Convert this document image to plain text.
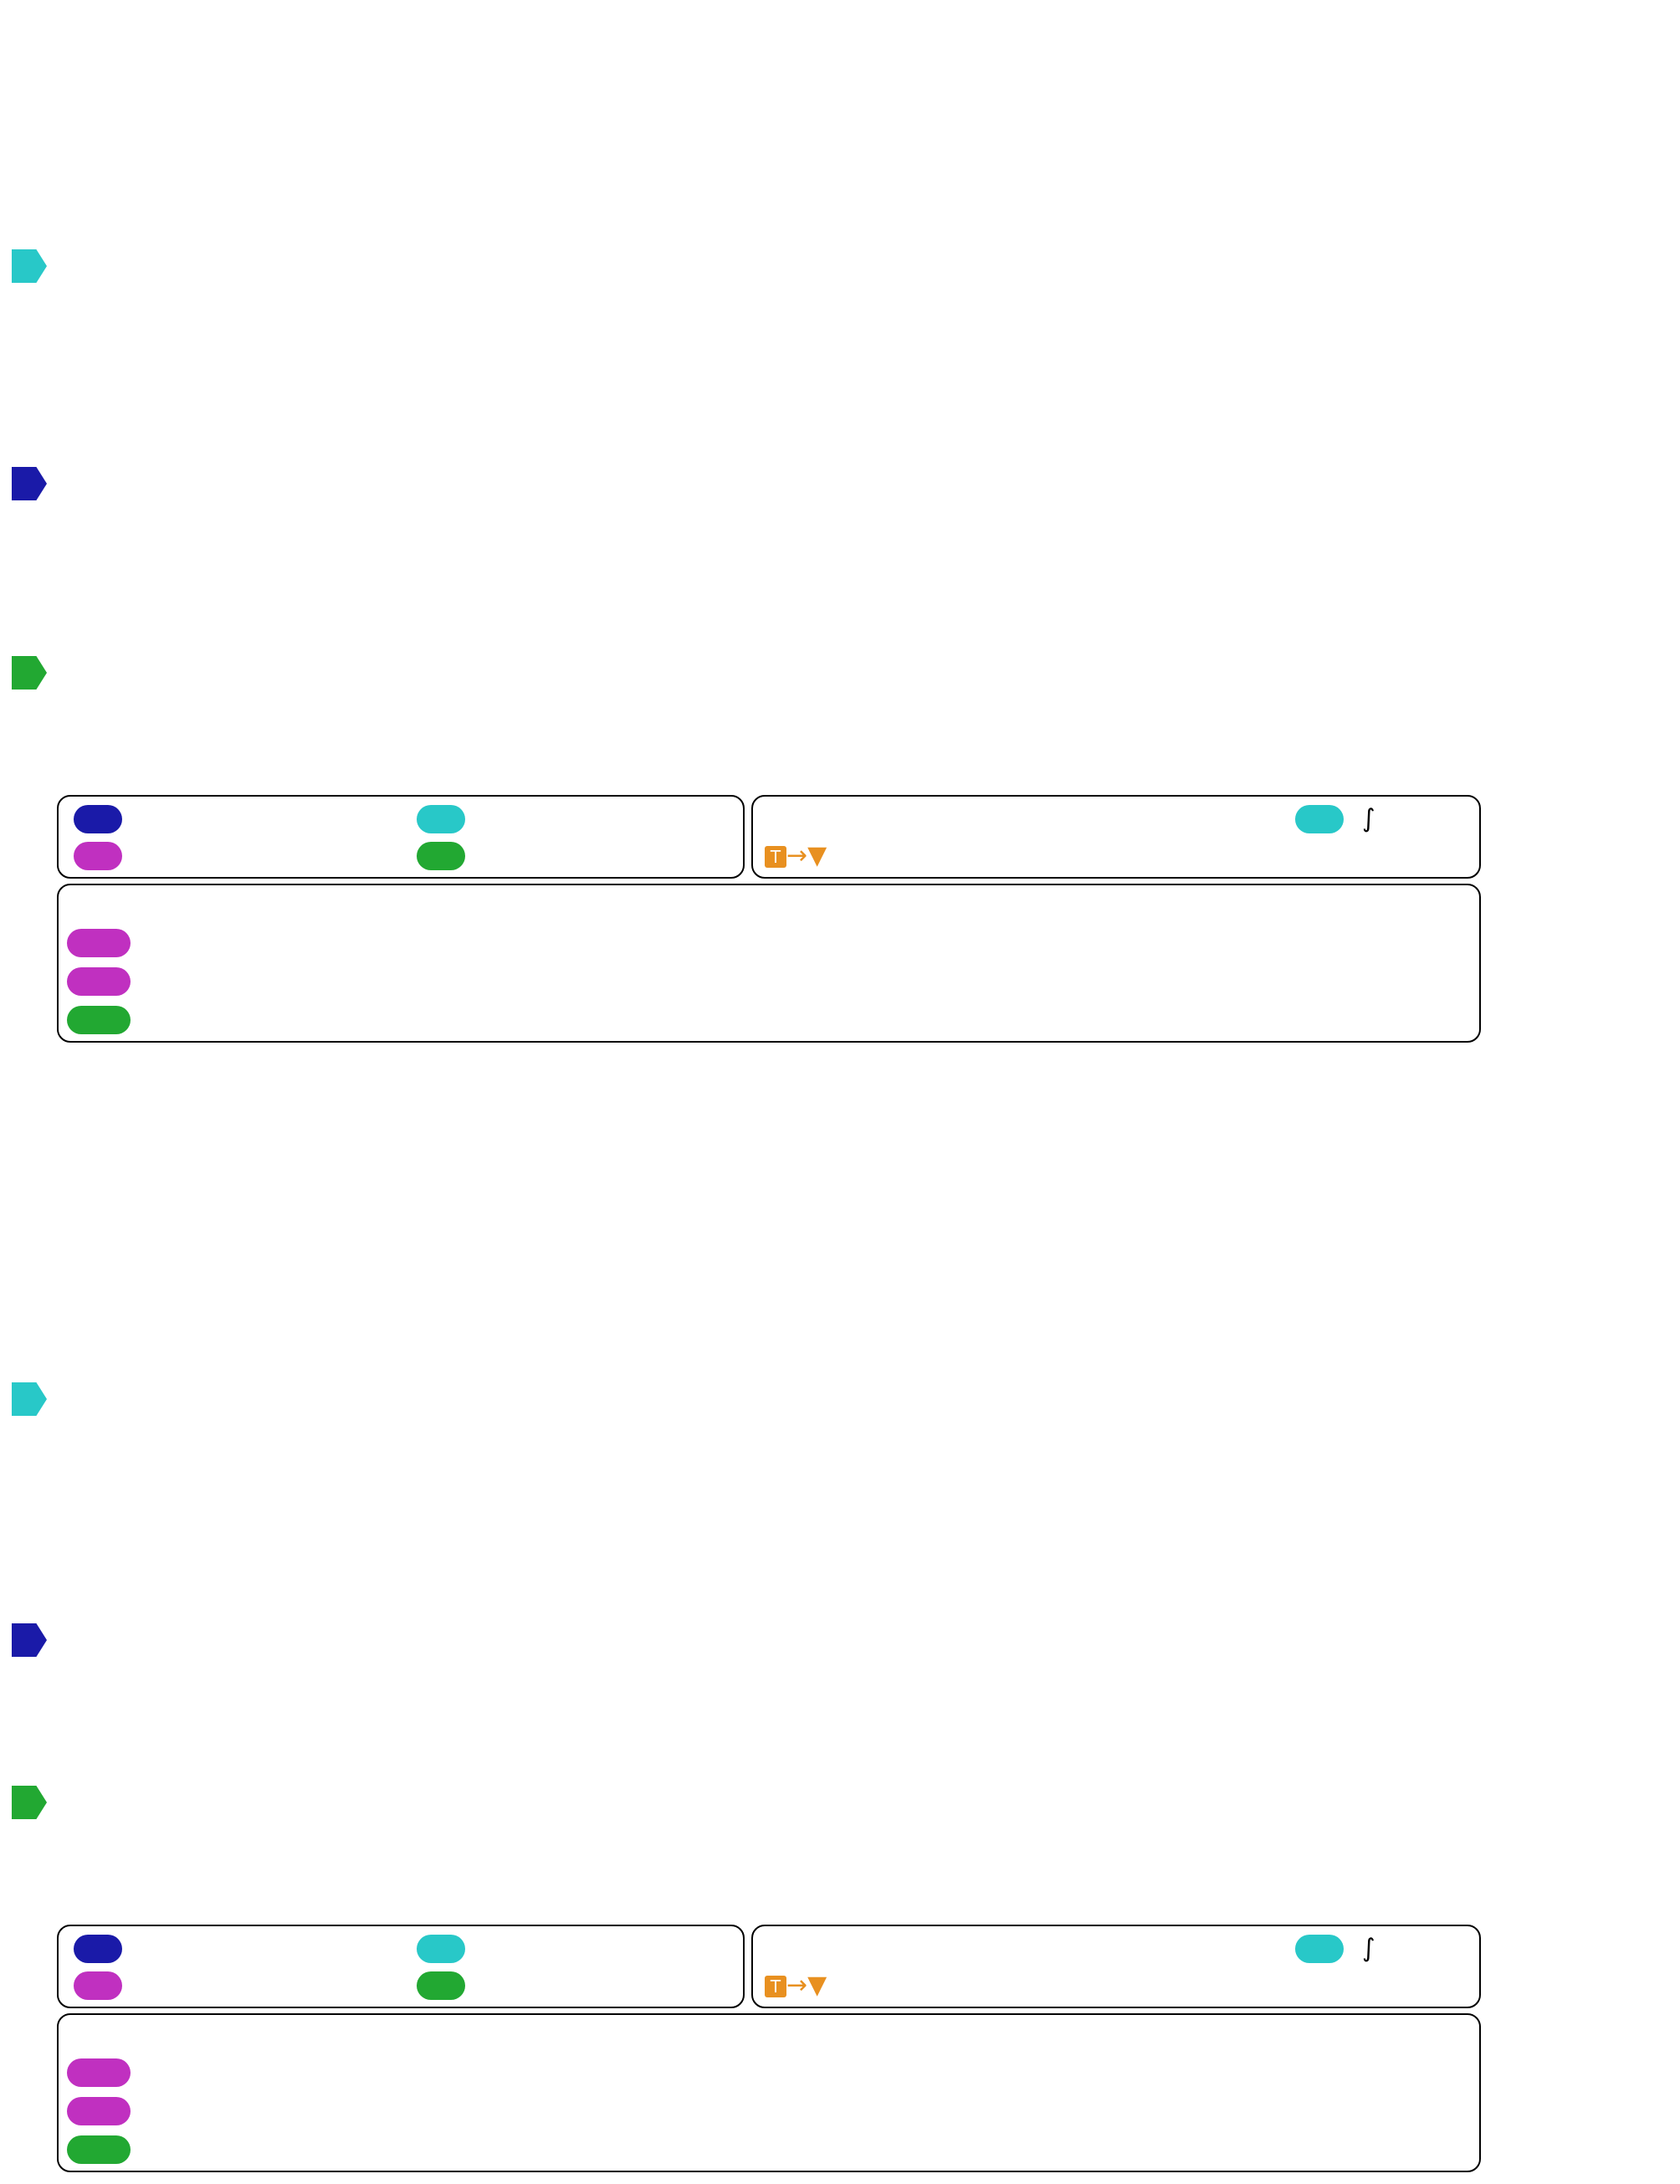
T →▼
∫
T →▼
∫
